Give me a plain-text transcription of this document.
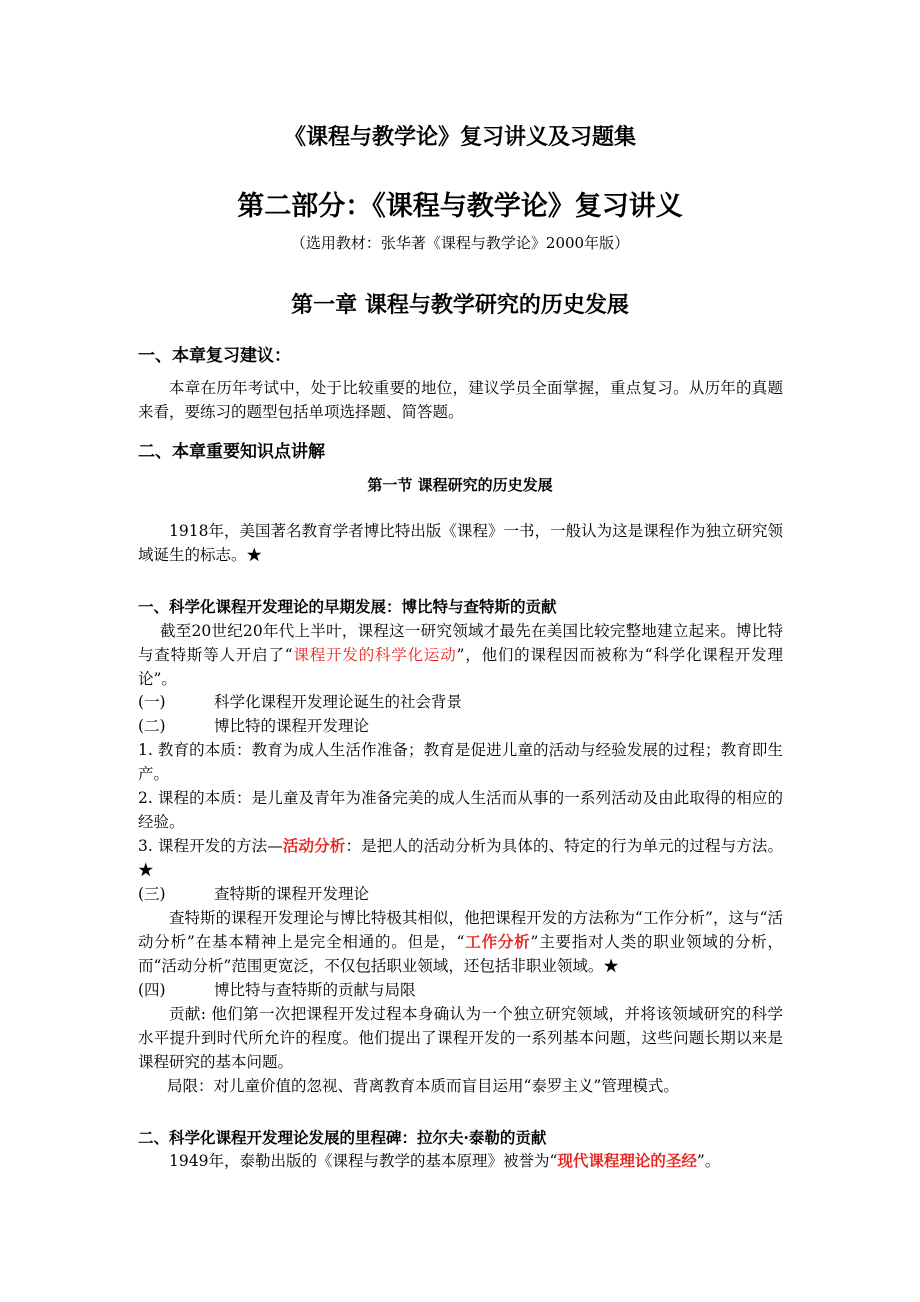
《课程与教学论》复习讲义及习题集
第二部分：《课程与教学论》复习讲义

（选用教材：张华著《课程与教学论》2000年版）

第一章 课程与教学研究的历史发展
一、本章复习建议：

本章在历年考试中，处于比较重要的地位，建议学员全面掌握，重点复习。从历年的真题来看，要练习的题型包括单项选择题、简答题。

二、本章重要知识点讲解
第一节 课程研究的历史发展

1918年，美国著名教育学者博比特出版《课程》一书，一般认为这是课程作为独立研究领域诞生的标志。★

一、科学化课程开发理论的早期发展：博比特与查特斯的贡献

截至20世纪20年代上半叶，课程这一研究领域才最先在美国比较完整地建立起来。博比特与查特斯等人开启了“课程开发的科学化运动”，他们的课程因而被称为“科学化课程开发理论”。

(一)	科学化课程开发理论诞生的社会背景
(二)	博比特的课程开发理论

1. 教育的本质：教育为成人生活作准备；教育是促进儿童的活动与经验发展的过程；教育即生产。

2. 课程的本质：是儿童及青年为准备完美的成人生活而从事的一系列活动及由此取得的相应的经验。

3. 课程开发的方法—活动分析：是把人的活动分析为具体的、特定的行为单元的过程与方法。★

(三)	查特斯的课程开发理论

查特斯的课程开发理论与博比特极其相似，他把课程开发的方法称为“工作分析”，这与“活动分析”在基本精神上是完全相通的。但是，“工作分析”主要指对人类的职业领域的分析，而“活动分析”范围更宽泛，不仅包括职业领域，还包括非职业领域。★

(四)	博比特与查特斯的贡献与局限

贡献: 他们第一次把课程开发过程本身确认为一个独立研究领域，并将该领域研究的科学水平提升到时代所允许的程度。他们提出了课程开发的一系列基本问题，这些问题长期以来是课程研究的基本问题。

局限：对儿童价值的忽视、背离教育本质而盲目运用“泰罗主义”管理模式。

二、科学化课程开发理论发展的里程碑：拉尔夫·泰勒的贡献

1949年，泰勒出版的《课程与教学的基本原理》被誉为“现代课程理论的圣经”。
